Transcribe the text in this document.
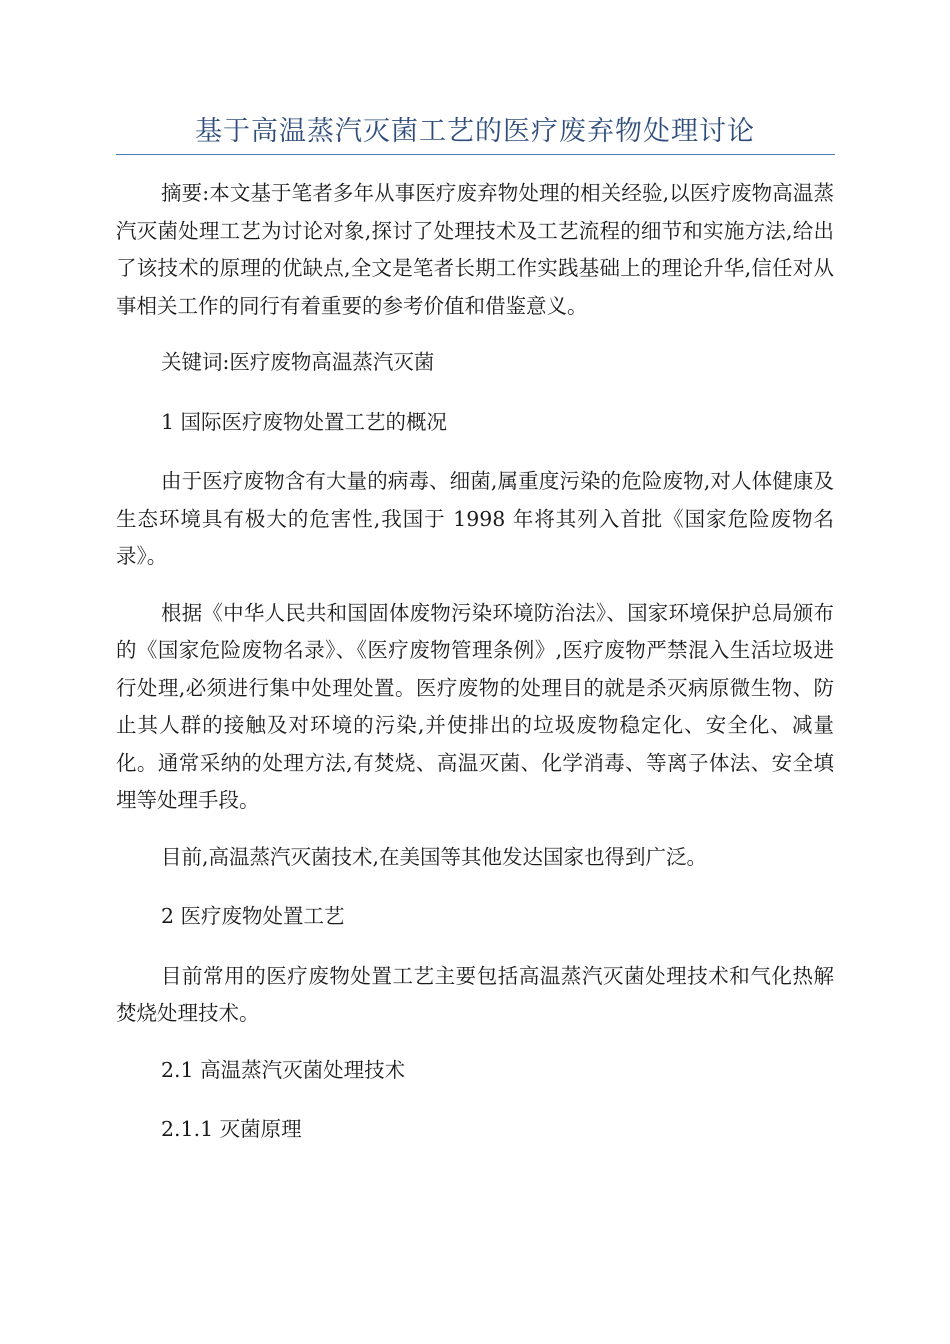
基于高温蒸汽灭菌工艺的医疗废弃物处理讨论

摘要:本文基于笔者多年从事医疗废弃物处理的相关经验,以医疗废物高温蒸汽灭菌处理工艺为讨论对象,探讨了处理技术及工艺流程的细节和实施方法,给出了该技术的原理的优缺点,全文是笔者长期工作实践基础上的理论升华,信任对从事相关工作的同行有着重要的参考价值和借鉴意义。

关键词:医疗废物高温蒸汽灭菌

1 国际医疗废物处置工艺的概况

由于医疗废物含有大量的病毒、细菌,属重度污染的危险废物,对人体健康及生态环境具有极大的危害性,我国于 1998 年将其列入首批《国家危险废物名录》。

根据《中华人民共和国固体废物污染环境防治法》、国家环境保护总局颁布的《国家危险废物名录》、《医疗废物管理条例》,医疗废物严禁混入生活垃圾进行处理,必须进行集中处理处置。医疗废物的处理目的就是杀灭病原微生物、防止其人群的接触及对环境的污染,并使排出的垃圾废物稳定化、安全化、减量化。通常采纳的处理方法,有焚烧、高温灭菌、化学消毒、等离子体法、安全填埋等处理手段。

目前,高温蒸汽灭菌技术,在美国等其他发达国家也得到广泛。

2 医疗废物处置工艺

目前常用的医疗废物处置工艺主要包括高温蒸汽灭菌处理技术和气化热解焚烧处理技术。

2.1 高温蒸汽灭菌处理技术

2.1.1 灭菌原理
